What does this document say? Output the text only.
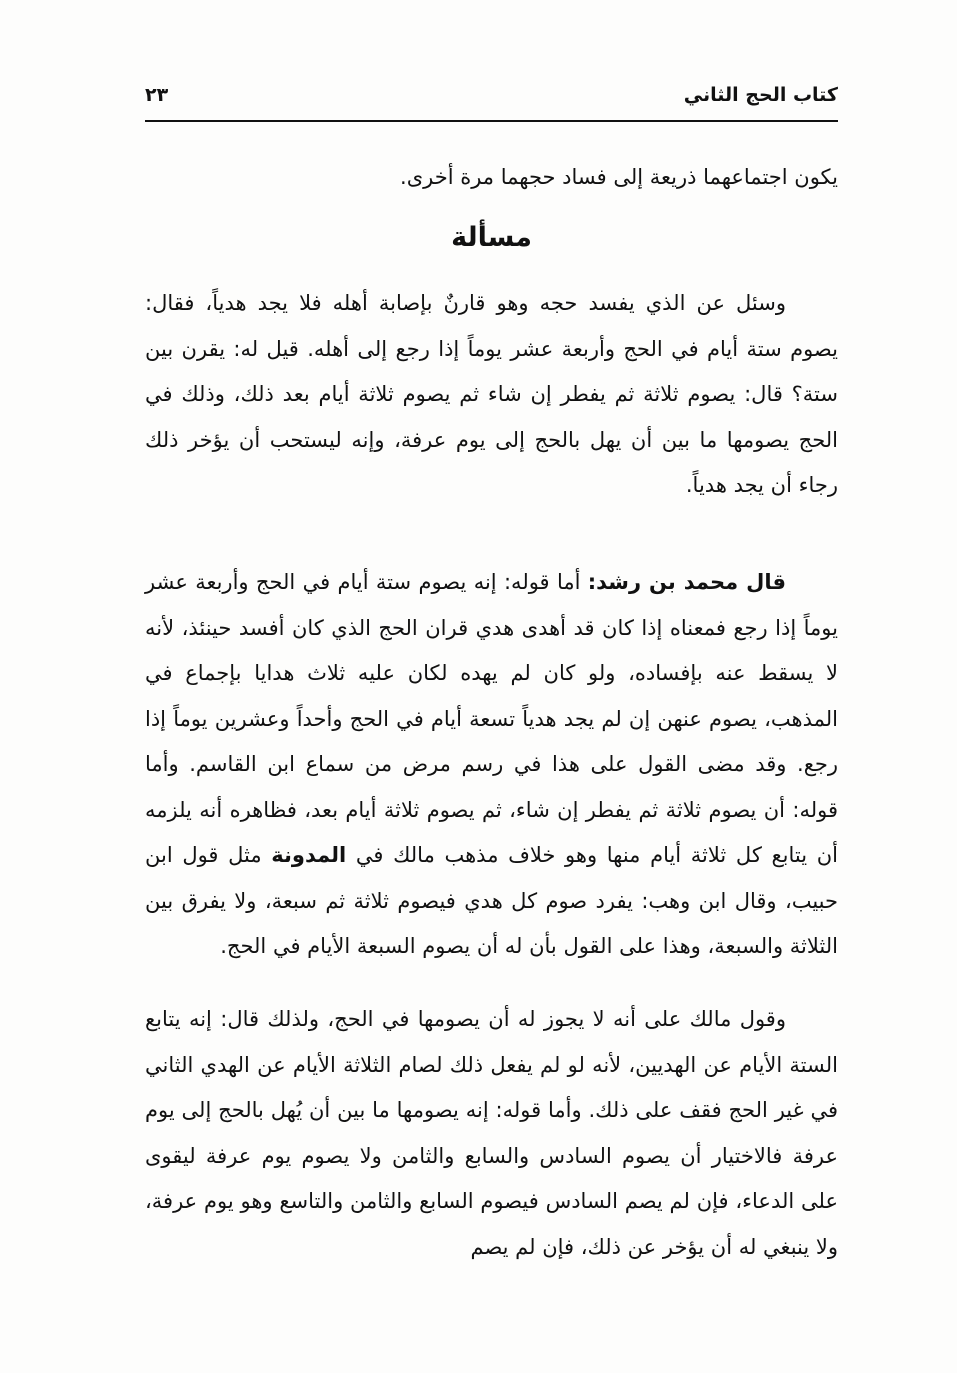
كتاب الحج الثاني
٢٣
يكون اجتماعهما ذريعة إلى فساد حجهما مرة أخرى.
مسألة
وسئل عن الذي يفسد حجه وهو قارنٌ بإصابة أهله فلا يجد هدياً، فقال: يصوم ستة أيام في الحج وأربعة عشر يوماً إذا رجع إلى أهله. قيل له: يقرن بين ستة؟ قال: يصوم ثلاثة ثم يفطر إن شاء ثم يصوم ثلاثة أيام بعد ذلك، وذلك في الحج يصومها ما بين أن يهل بالحج إلى يوم عرفة، وإنه ليستحب أن يؤخر ذلك رجاء أن يجد هدياً.
قال محمد بن رشد: أما قوله: إنه يصوم ستة أيام في الحج وأربعة عشر يوماً إذا رجع فمعناه إذا كان قد أهدى هدي قران الحج الذي كان أفسد حينئذ، لأنه لا يسقط عنه بإفساده، ولو كان لم يهده لكان عليه ثلاث هدايا بإجماع في المذهب، يصوم عنهن إن لم يجد هدياً تسعة أيام في الحج وأحداً وعشرين يوماً إذا رجع. وقد مضى القول على هذا في رسم مرض من سماع ابن القاسم. وأما قوله: أن يصوم ثلاثة ثم يفطر إن شاء، ثم يصوم ثلاثة أيام بعد، فظاهره أنه يلزمه أن يتابع كل ثلاثة أيام منها وهو خلاف مذهب مالك في المدونة مثل قول ابن حبيب، وقال ابن وهب: يفرد صوم كل هدي فيصوم ثلاثة ثم سبعة، ولا يفرق بين الثلاثة والسبعة، وهذا على القول بأن له أن يصوم السبعة الأيام في الحج.
وقول مالك على أنه لا يجوز له أن يصومها في الحج، ولذلك قال: إنه يتابع الستة الأيام عن الهديين، لأنه لو لم يفعل ذلك لصام الثلاثة الأيام عن الهدي الثاني في غير الحج فقف على ذلك. وأما قوله: إنه يصومها ما بين أن يُهل بالحج إلى يوم عرفة فالاختيار أن يصوم السادس والسابع والثامن ولا يصوم يوم عرفة ليقوى على الدعاء، فإن لم يصم السادس فيصوم السابع والثامن والتاسع وهو يوم عرفة، ولا ينبغي له أن يؤخر عن ذلك، فإن لم يصم
